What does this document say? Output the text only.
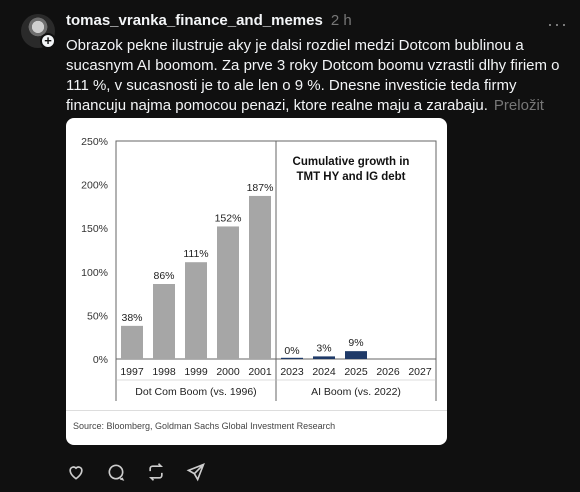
+
tomas_vranka_finance_and_memes 2 h	···
Obrazok pekne ilustruje aky je dalsi rozdiel medzi Dotcom bublinou a sucasnym AI boomom. Za prve 3 roky Dotcom boomu vzrastli dlhy firiem o 111 %, v sucasnosti je to ale len o 9 %. Dnesne investicie teda firmy financuju najma pomocou penazi, ktore realne maju a zarabaju. Preložit
0%
50%
100%
150%
200%
250%
38%
1997
86%
1998
111%
1999
152%
2000
187%
2001
0%
2023
3%
2024
9%
2025 2026 2027
Dot Com Boom (vs. 1996)	AI Boom (vs. 2022)
Cumulative growth in
TMT HY and IG debt
Source: Bloomberg, Goldman Sachs Global Investment Research
